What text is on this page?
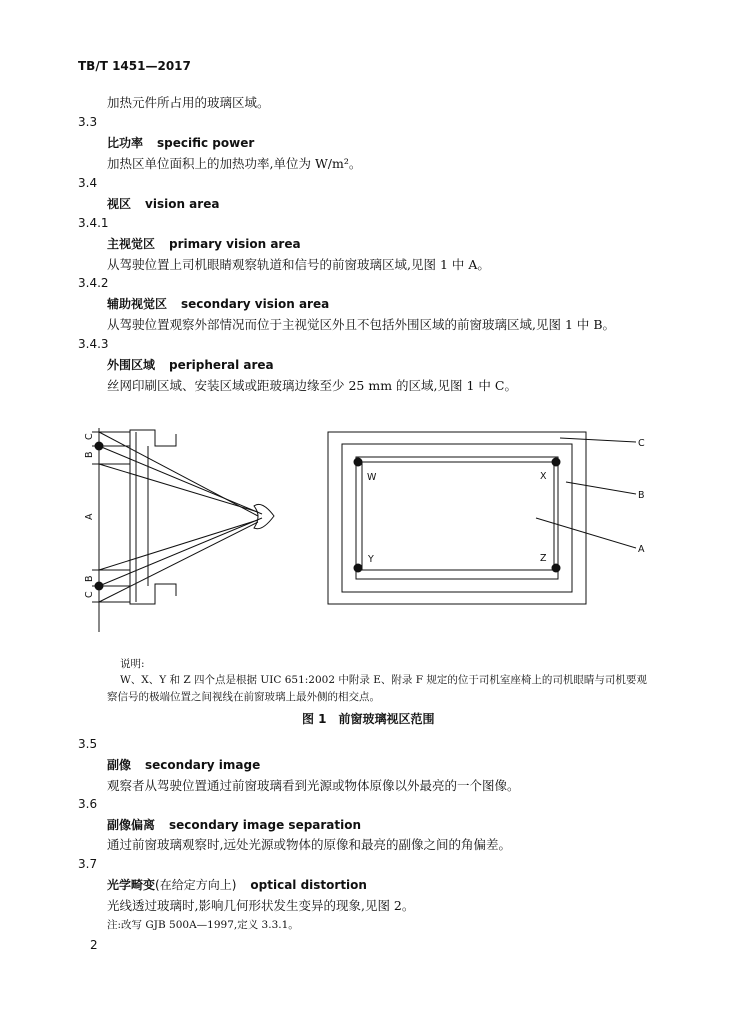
TB/T 1451—2017
加热元件所占用的玻璃区域。
3.3
比功率 specific power
加热区单位面积上的加热功率,单位为 W/m²。
3.4
视区 vision area
3.4.1
主视觉区 primary vision area
从驾驶位置上司机眼睛观察轨道和信号的前窗玻璃区域,见图 1 中 A。
3.4.2
辅助视觉区 secondary vision area
从驾驶位置观察外部情况而位于主视觉区外且不包括外围区域的前窗玻璃区域,见图 1 中 B。
3.4.3
外围区域 peripheral area
丝网印刷区域、安装区域或距玻璃边缘至少 25 mm 的区域,见图 1 中 C。
C
B
A
B
C
W	X
Y	Z
C
B
A
说明:
W、X、Y 和 Z 四个点是根据 UIC 651:2002 中附录 E、附录 F 规定的位于司机室座椅上的司机眼睛与司机要观
察信号的极端位置之间视线在前窗玻璃上最外侧的相交点。
图 1　前窗玻璃视区范围
3.5
副像 secondary image
观察者从驾驶位置通过前窗玻璃看到光源或物体原像以外最亮的一个图像。
3.6
副像偏离 secondary image separation
通过前窗玻璃观察时,远处光源或物体的原像和最亮的副像之间的角偏差。
3.7
光学畸变(在给定方向上) optical distortion
光线透过玻璃时,影响几何形状发生变异的现象,见图 2。
注:改写 GJB 500A—1997,定义 3.3.1。
2
